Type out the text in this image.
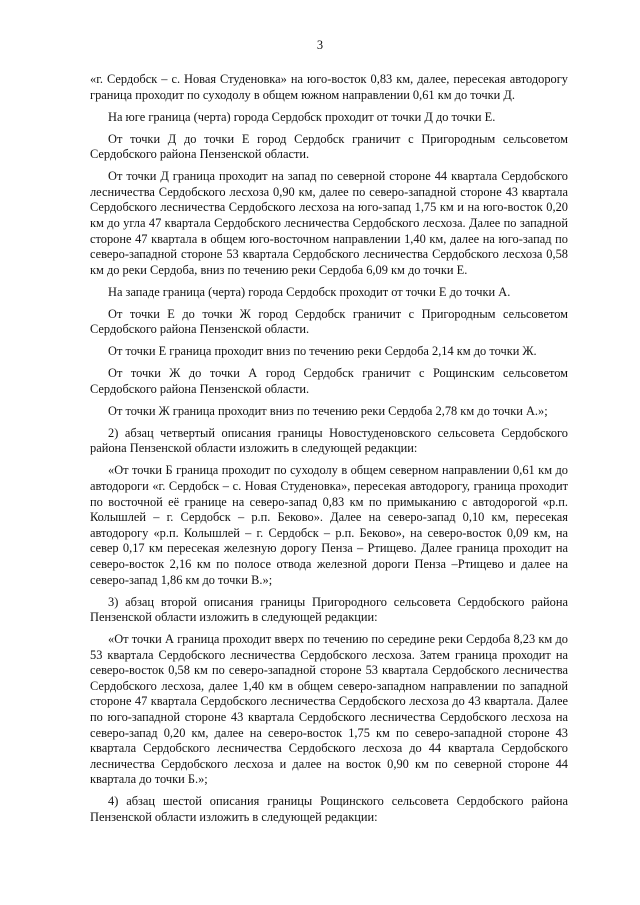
3

«г. Сердобск – с. Новая Студеновка» на юго-восток 0,83 км, далее, пересекая автодорогу граница проходит по суходолу в общем южном направлении 0,61 км до точки Д.

На юге граница (черта) города Сердобск проходит от точки Д до точки Е.

От точки Д до точки Е город Сердобск граничит с Пригородным сельсоветом Сердобского района Пензенской области.

От точки Д граница проходит на запад по северной стороне 44 квартала Сердобского лесничества Сердобского лесхоза 0,90 км, далее по северо-западной стороне 43 квартала Сердобского лесничества Сердобского лесхоза на юго-запад 1,75 км и на юго-восток 0,20 км до угла 47 квартала Сердобского лесничества Сердобского лесхоза. Далее по западной стороне 47 квартала в общем юго-восточном направлении 1,40 км, далее на юго-запад по северо-западной стороне 53 квартала Сердобского лесничества Сердобского лесхоза 0,58 км до реки Сердоба, вниз по течению реки Сердоба 6,09 км до точки Е.

На западе граница (черта) города Сердобск проходит от точки Е до точки А.

От точки Е до точки Ж город Сердобск граничит с Пригородным сельсоветом Сердобского района Пензенской области.

От точки Е граница проходит вниз по течению реки Сердоба 2,14 км до точки Ж.

От точки Ж до точки А город Сердобск граничит с Рощинским сельсоветом Сердобского района Пензенской области.

От точки Ж граница проходит вниз по течению реки Сердоба 2,78 км до точки А.»;

2) абзац четвертый описания границы Новостуденовского сельсовета Сердобского района Пензенской области изложить в следующей редакции:

«От точки Б граница проходит по суходолу в общем северном направлении 0,61 км до автодороги «г. Сердобск – с. Новая Студеновка», пересекая автодорогу, граница проходит по восточной её границе на северо-запад 0,83 км по примыканию с автодорогой «р.п. Колышлей – г. Сердобск – р.п. Беково». Далее на северо-запад 0,10 км, пересекая автодорогу «р.п. Колышлей – г. Сердобск – р.п. Беково», на северо-восток 0,09 км, на север 0,17 км пересекая железную дорогу Пенза – Ртищево. Далее граница проходит на северо-восток 2,16 км по полосе отвода железной дороги Пенза –Ртищево и далее на северо-запад 1,86 км до точки В.»;

3) абзац второй описания границы Пригородного сельсовета Сердобского района Пензенской области изложить в следующей редакции:

«От точки А граница проходит вверх по течению по середине реки Сердоба 8,23 км до 53 квартала Сердобского лесничества Сердобского лесхоза. Затем граница проходит на северо-восток 0,58 км по северо-западной стороне 53 квартала Сердобского лесничества Сердобского лесхоза, далее 1,40 км в общем северо-западном направлении по западной стороне 47 квартала Сердобского лесничества Сердобского лесхоза до 43 квартала. Далее по юго-западной стороне 43 квартала Сердобского лесничества Сердобского лесхоза на северо-запад 0,20 км, далее на северо-восток 1,75 км по северо-западной стороне 43 квартала Сердобского лесничества Сердобского лесхоза до 44 квартала Сердобского лесничества Сердобского лесхоза и далее на восток 0,90 км по северной стороне 44 квартала до точки Б.»;

4) абзац шестой описания границы Рощинского сельсовета Сердобского района Пензенской области изложить в следующей редакции:
